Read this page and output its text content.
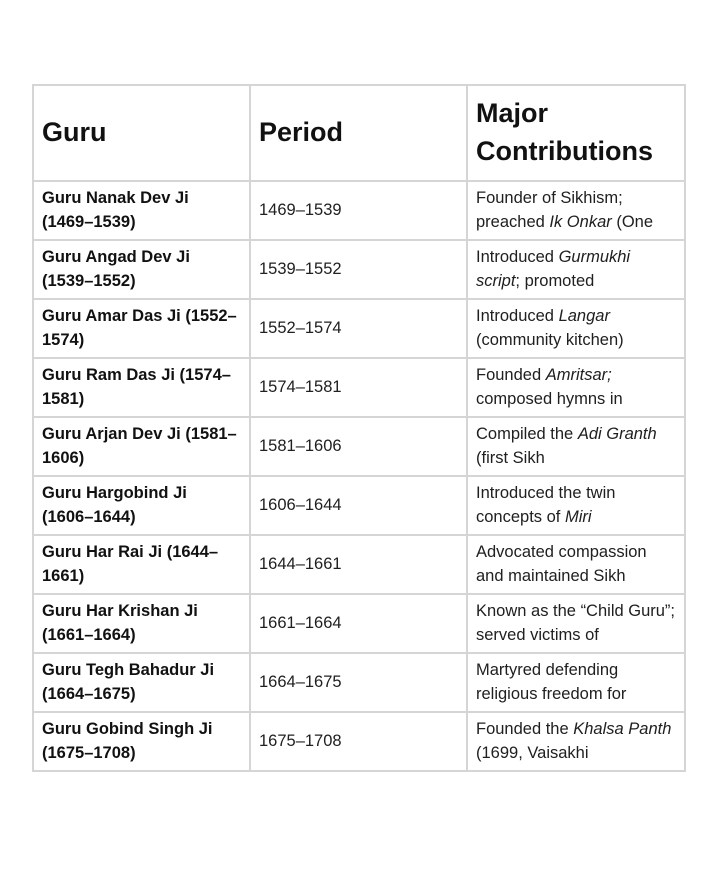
Guru	Period	Major Contributions
Guru Nanak Dev Ji (1469–1539)	1469–1539	Founder of Sikhism; preached Ik Onkar (One
Guru Angad Dev Ji (1539–1552)	1539–1552	Introduced Gurmukhi script; promoted
Guru Amar Das Ji (1552–1574)	1552–1574	Introduced Langar (community kitchen)
Guru Ram Das Ji (1574–1581)	1574–1581	Founded Amritsar; composed hymns in
Guru Arjan Dev Ji (1581–1606)	1581–1606	Compiled the Adi Granth (first Sikh
Guru Hargobind Ji (1606–1644)	1606–1644	Introduced the twin concepts of Miri
Guru Har Rai Ji (1644–1661)	1644–1661	Advocated compassion and maintained Sikh
Guru Har Krishan Ji (1661–1664)	1661–1664	Known as the “Child Guru”; served victims of
Guru Tegh Bahadur Ji (1664–1675)	1664–1675	Martyred defending religious freedom for
Guru Gobind Singh Ji (1675–1708)	1675–1708	Founded the Khalsa Panth (1699, Vaisakhi
